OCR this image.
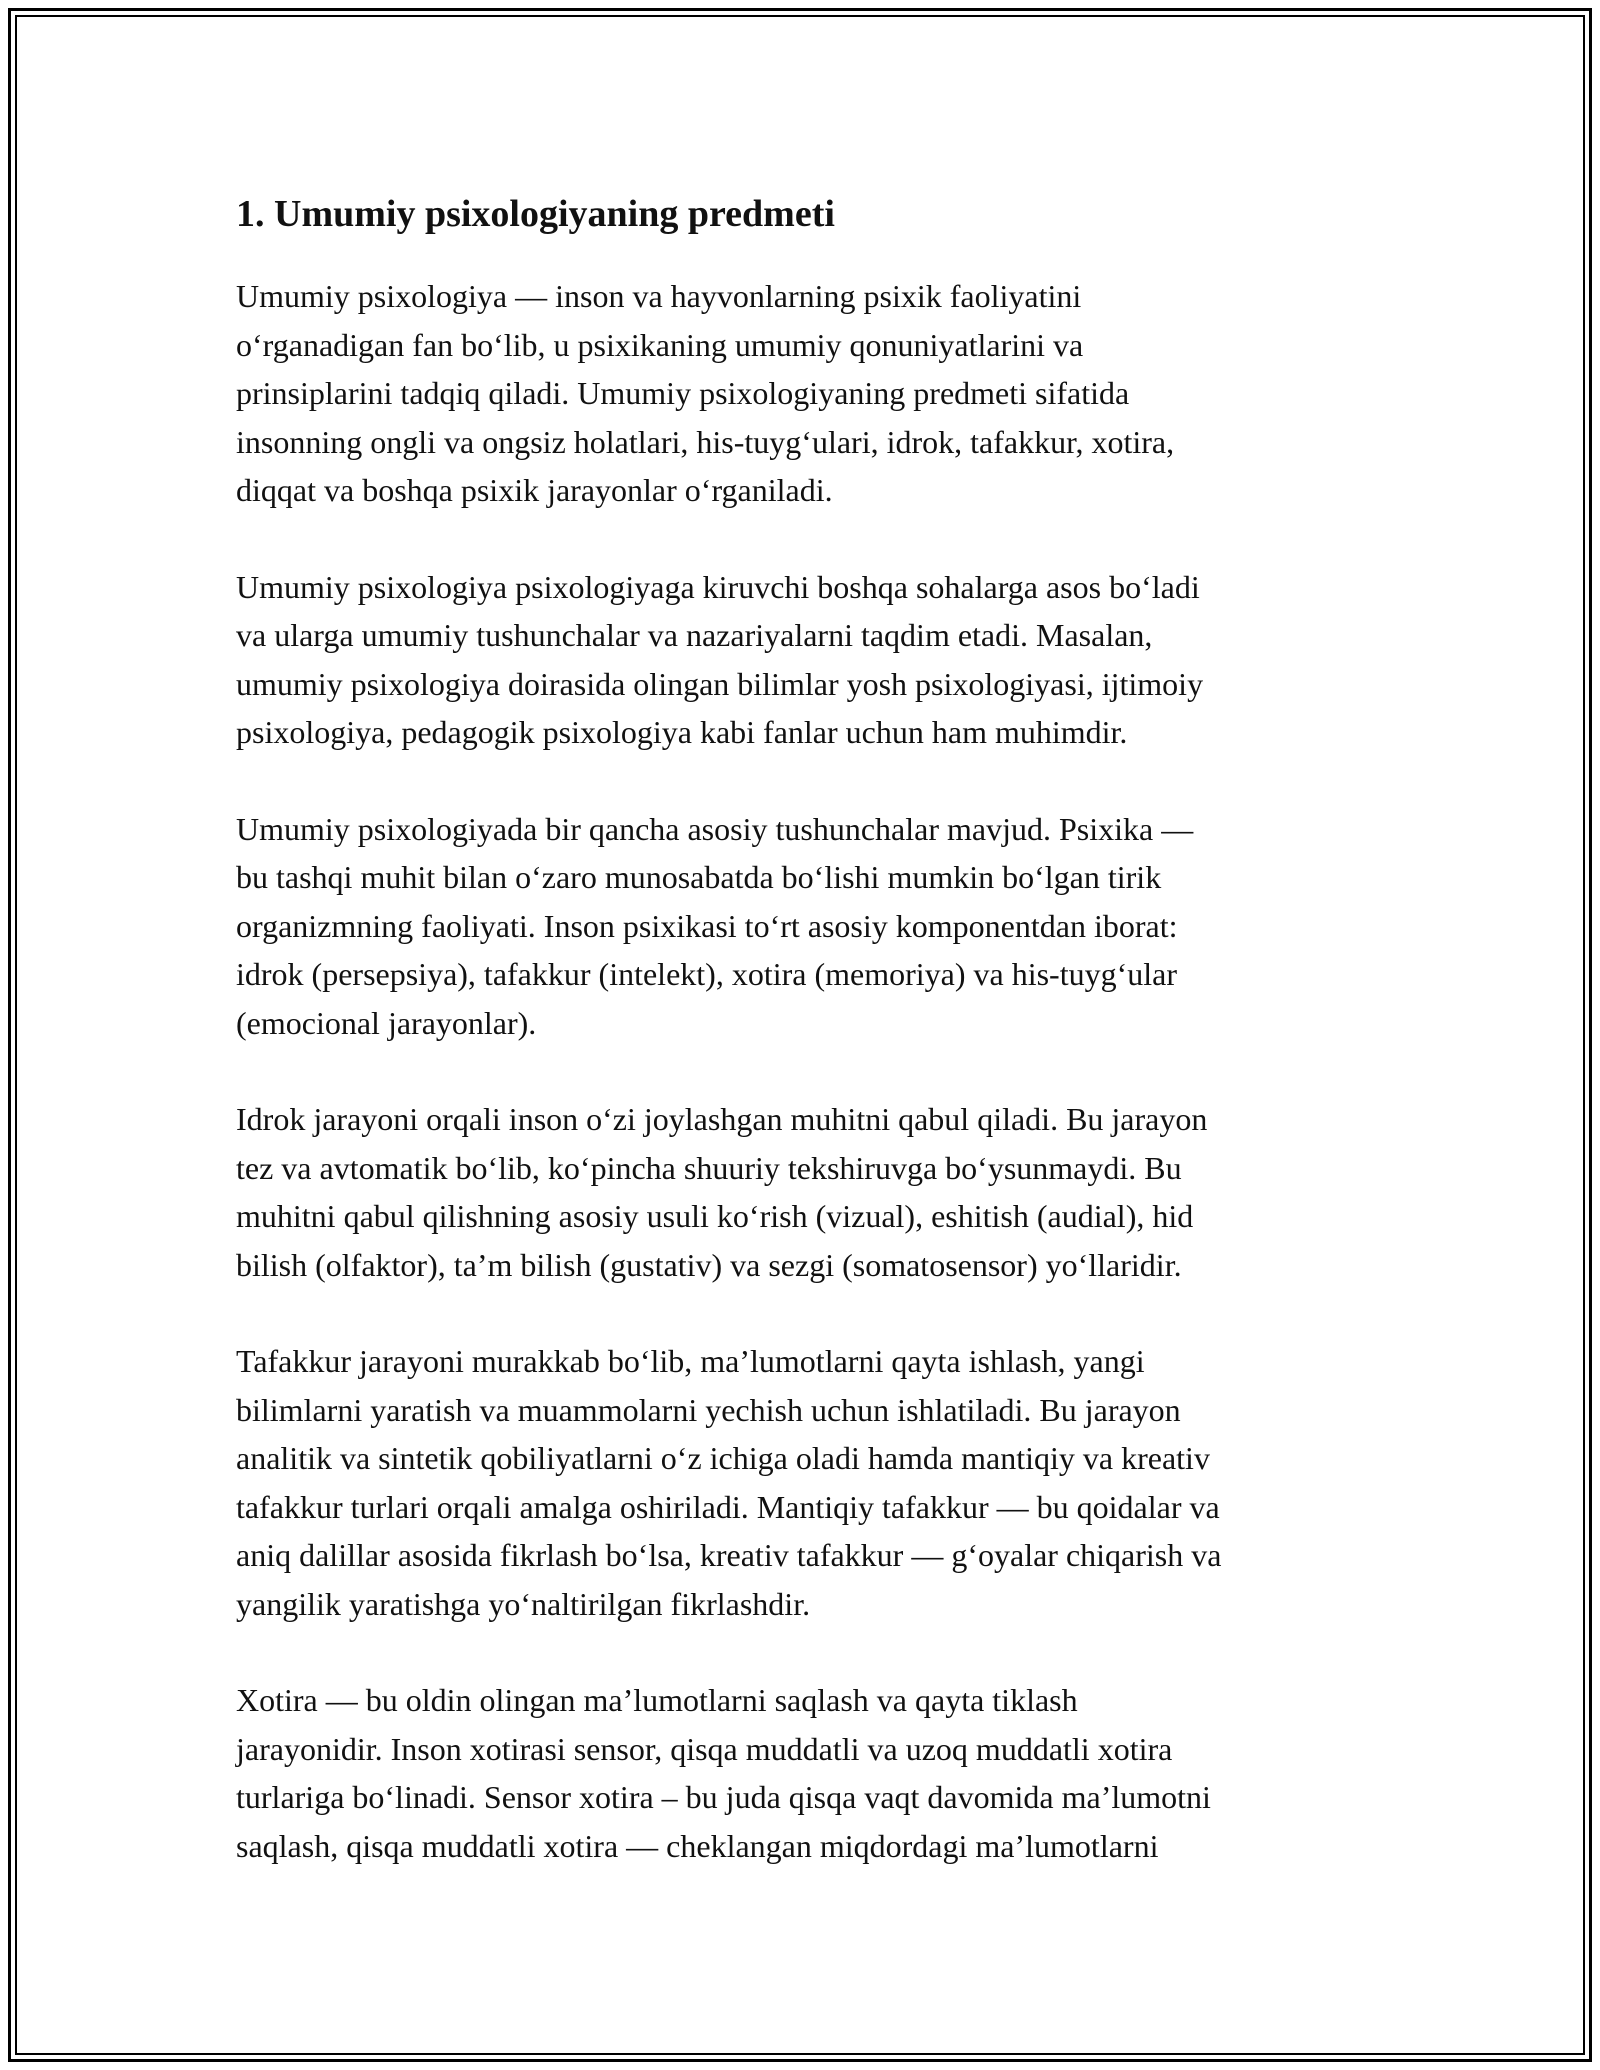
1. Umumiy psixologiyaning predmeti

Umumiy psixologiya — inson va hayvonlarning psixik faoliyatini
o‘rganadigan fan bo‘lib, u psixikaning umumiy qonuniyatlarini va
prinsiplarini tadqiq qiladi. Umumiy psixologiyaning predmeti sifatida
insonning ongli va ongsiz holatlari, his-tuyg‘ulari, idrok, tafakkur, xotira,
diqqat va boshqa psixik jarayonlar o‘rganiladi.

Umumiy psixologiya psixologiyaga kiruvchi boshqa sohalarga asos bo‘ladi
va ularga umumiy tushunchalar va nazariyalarni taqdim etadi. Masalan,
umumiy psixologiya doirasida olingan bilimlar yosh psixologiyasi, ijtimoiy
psixologiya, pedagogik psixologiya kabi fanlar uchun ham muhimdir.

Umumiy psixologiyada bir qancha asosiy tushunchalar mavjud. Psixika —
bu tashqi muhit bilan o‘zaro munosabatda bo‘lishi mumkin bo‘lgan tirik
organizmning faoliyati. Inson psixikasi to‘rt asosiy komponentdan iborat:
idrok (persepsiya), tafakkur (intelekt), xotira (memoriya) va his-tuyg‘ular
(emocional jarayonlar).

Idrok jarayoni orqali inson o‘zi joylashgan muhitni qabul qiladi. Bu jarayon
tez va avtomatik bo‘lib, ko‘pincha shuuriy tekshiruvga bo‘ysunmaydi. Bu
muhitni qabul qilishning asosiy usuli ko‘rish (vizual), eshitish (audial), hid
bilish (olfaktor), ta’m bilish (gustativ) va sezgi (somatosensor) yo‘llaridir.

Tafakkur jarayoni murakkab bo‘lib, ma’lumotlarni qayta ishlash, yangi
bilimlarni yaratish va muammolarni yechish uchun ishlatiladi. Bu jarayon
analitik va sintetik qobiliyatlarni o‘z ichiga oladi hamda mantiqiy va kreativ
tafakkur turlari orqali amalga oshiriladi. Mantiqiy tafakkur — bu qoidalar va
aniq dalillar asosida fikrlash bo‘lsa, kreativ tafakkur — g‘oyalar chiqarish va
yangilik yaratishga yo‘naltirilgan fikrlashdir.

Xotira — bu oldin olingan ma’lumotlarni saqlash va qayta tiklash
jarayonidir. Inson xotirasi sensor, qisqa muddatli va uzoq muddatli xotira
turlariga bo‘linadi. Sensor xotira – bu juda qisqa vaqt davomida ma’lumotni
saqlash, qisqa muddatli xotira — cheklangan miqdordagi ma’lumotlarni
